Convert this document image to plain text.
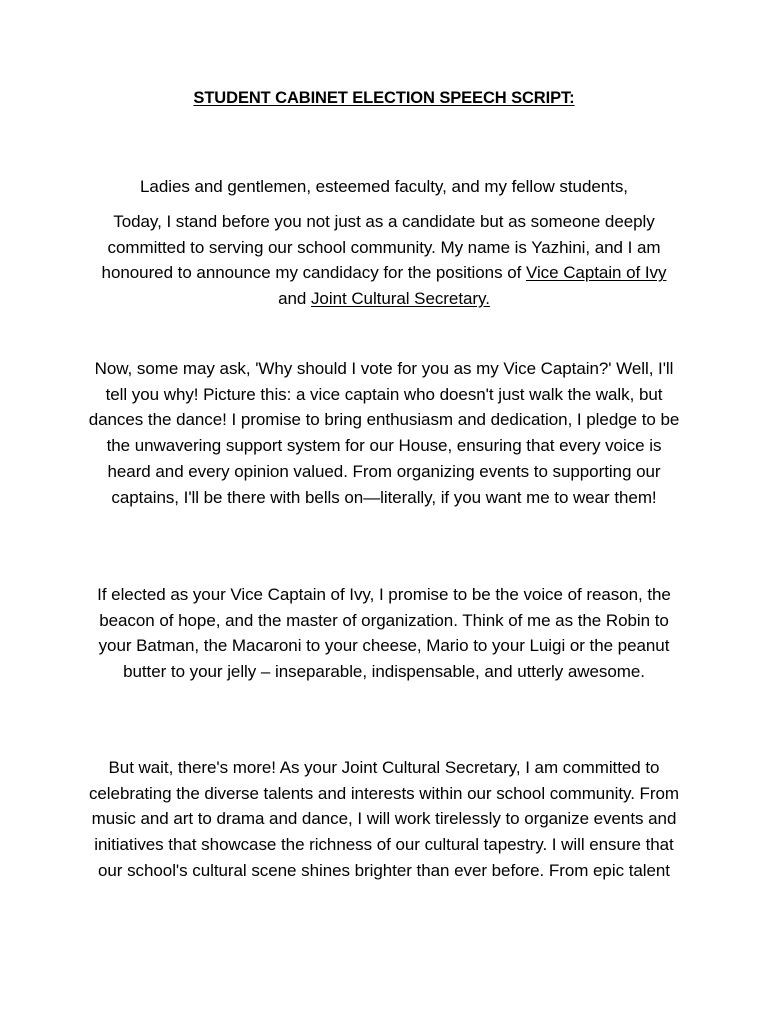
STUDENT CABINET ELECTION SPEECH SCRIPT:
Ladies and gentlemen, esteemed faculty, and my fellow students,
Today, I stand before you not just as a candidate but as someone deeply committed to serving our school community. My name is Yazhini, and I am honoured to announce my candidacy for the positions of Vice Captain of Ivy and Joint Cultural Secretary.
Now, some may ask, 'Why should I vote for you as my Vice Captain?' Well, I'll tell you why! Picture this: a vice captain who doesn't just walk the walk, but dances the dance! I promise to bring enthusiasm and dedication, I pledge to be the unwavering support system for our House, ensuring that every voice is heard and every opinion valued. From organizing events to supporting our captains, I'll be there with bells on—literally, if you want me to wear them!
If elected as your Vice Captain of Ivy, I promise to be the voice of reason, the beacon of hope, and the master of organization. Think of me as the Robin to your Batman, the Macaroni to your cheese, Mario to your Luigi or the peanut butter to your jelly – inseparable, indispensable, and utterly awesome.
But wait, there's more! As your Joint Cultural Secretary, I am committed to celebrating the diverse talents and interests within our school community. From music and art to drama and dance, I will work tirelessly to organize events and initiatives that showcase the richness of our cultural tapestry. I will ensure that our school's cultural scene shines brighter than ever before. From epic talent
